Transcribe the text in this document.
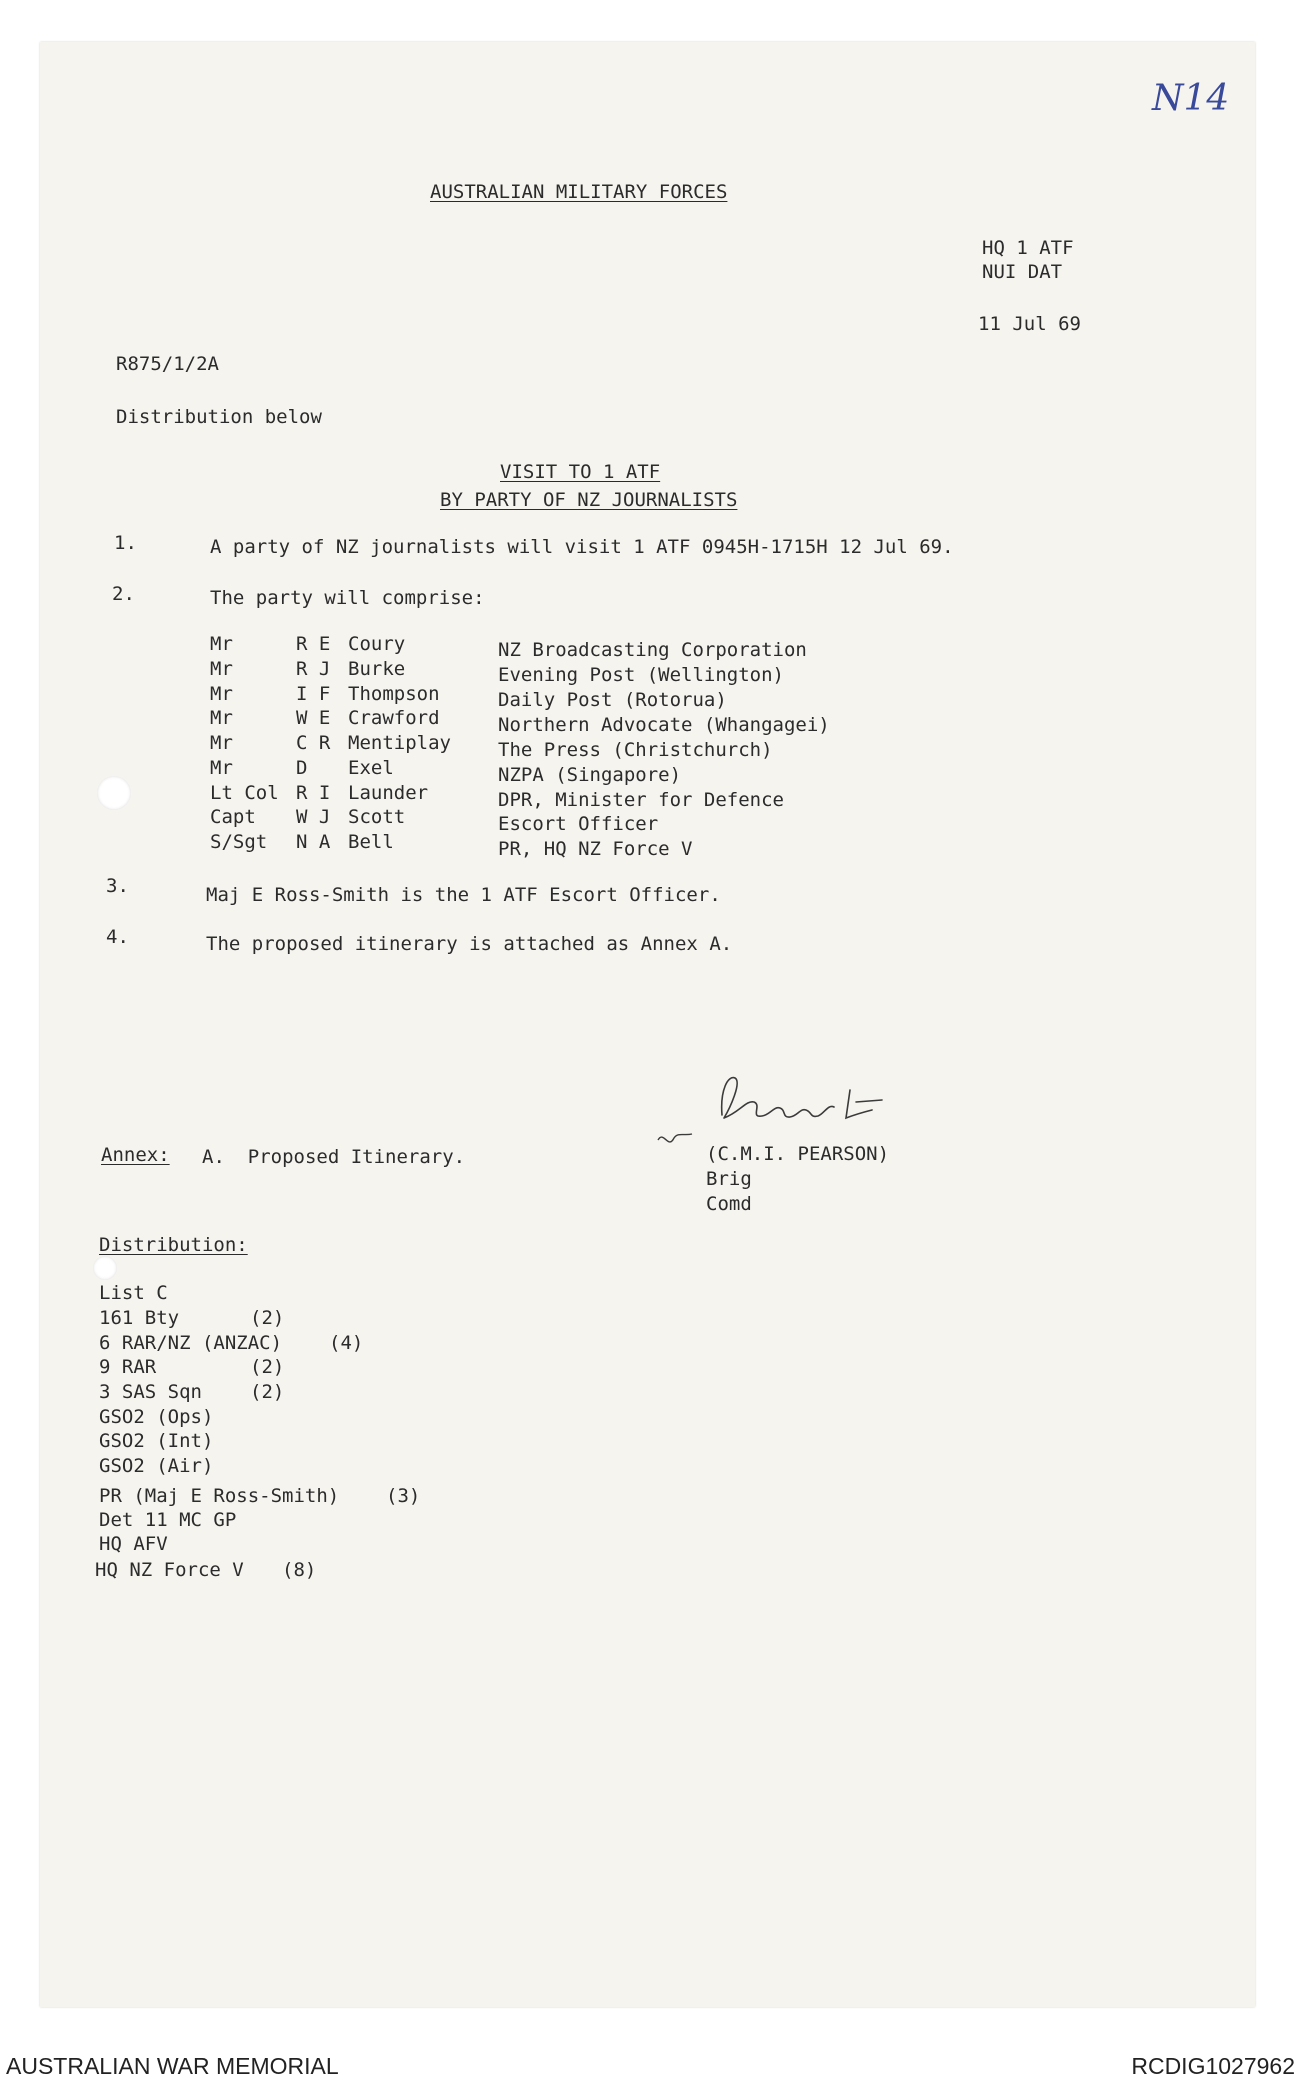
N14
AUSTRALIAN MILITARY FORCES
HQ 1 ATF
NUI DAT
11 Jul 69
R875/1/2A
Distribution below
VISIT TO 1 ATF
BY PARTY OF NZ JOURNALISTS
1.	A party of NZ journalists will visit 1 ATF 0945H-1715H 12 Jul 69.
2.	The party will comprise:
Mr	R E Coury	NZ Broadcasting Corporation
Mr	R J Burke	Evening Post (Wellington)
Mr	I F Thompson	Daily Post (Rotorua)
Mr	W E Crawford	Northern Advocate (Whangagei)
Mr	C R Mentiplay The Press (Christchurch)
Mr	D Exel	NZPA (Singapore)
Lt Col R I Launder	DPR, Minister for Defence
Capt W J Scott	Escort Officer
S/Sgt N A Bell	PR, HQ NZ Force V
3.	Maj E Ross-Smith is the 1 ATF Escort Officer.
4.	The proposed itinerary is attached as Annex A.
Annex: A.  Proposed Itinerary.	(C.M.I. PEARSON)
Brig
Comd
Distribution:
List C
161 Bty	(2)
6 RAR/NZ (ANZAC) (4)
9 RAR	(2)
3 SAS Sqn	(2)
GSO2 (Ops)
GSO2 (Int)
GSO2 (Air)
PR (Maj E Ross-Smith) (3)
Det 11 MC GP
HQ AFV
HQ NZ Force V (8)
AUSTRALIAN WAR MEMORIAL	RCDIG1027962
